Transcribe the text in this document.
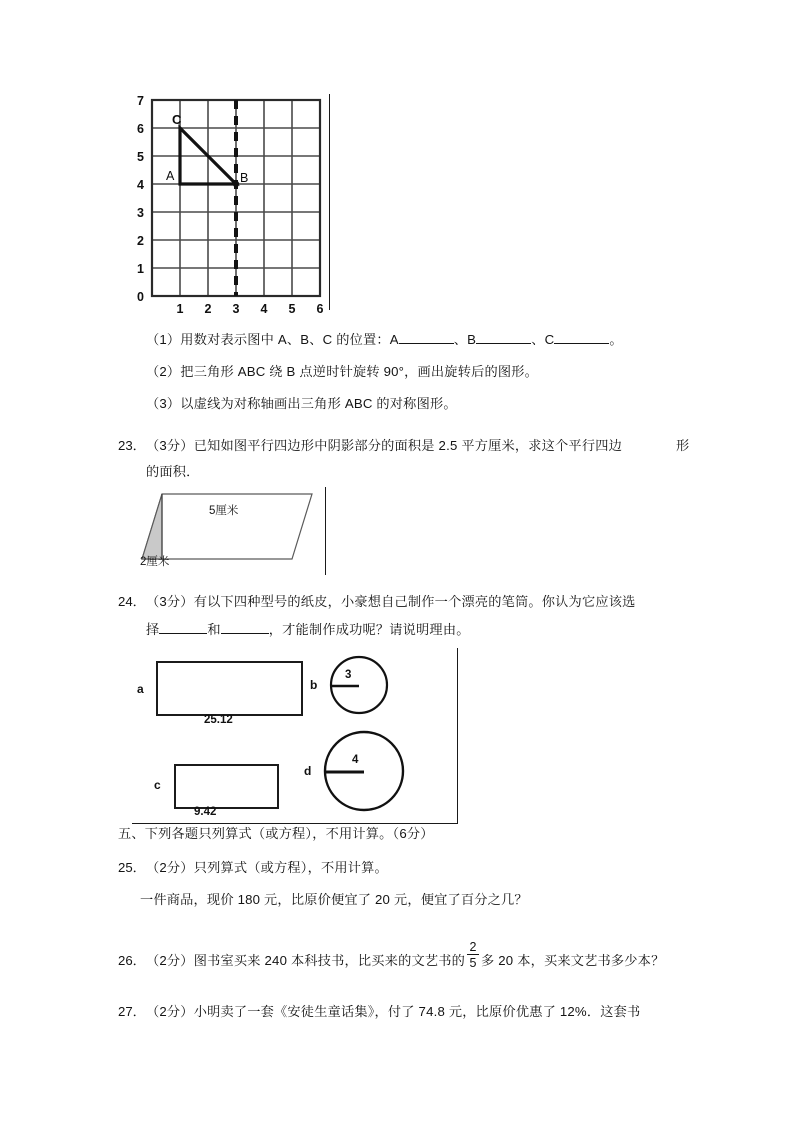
7
6
5
4
3
2
1
0
1 2 3 4 5 6
C
A	B
（1）用数对表示图中 A、B、C 的位置：A	、B	、C	。
（2）把三角形 ABC 绕 B 点逆时针旋转 90°，画出旋转后的图形。
（3）以虚线为对称轴画出三角形 ABC 的对称图形。
23． （3分）已知如图平行四边形中阴影部分的面积是 2.5 平方厘米，求这个平行四边	形
的面积．
5厘米
2厘米
24． （3分）有以下四种型号的纸皮，小豪想自己制作一个漂亮的笔筒。你认为它应该选
择	和	，才能制作成功呢？请说明理由。
a
25.12
c
9.42
b
3
d
4
五、下列各题只列算式（或方程），不用计算。（6分）
25． （2分）只列算式（或方程），不用计算。
一件商品，现价 180 元，比原价便宜了 20 元，便宜了百分之几？
26． （2分）图书室买来 240 本科技书，比买来的文艺书的 $\frac{2}{5}$ 多 20 本，买来文艺书多少本？
27． （2分）小明卖了一套《安徒生童话集》，付了 74.8 元，比原价优惠了 12%．这套书
